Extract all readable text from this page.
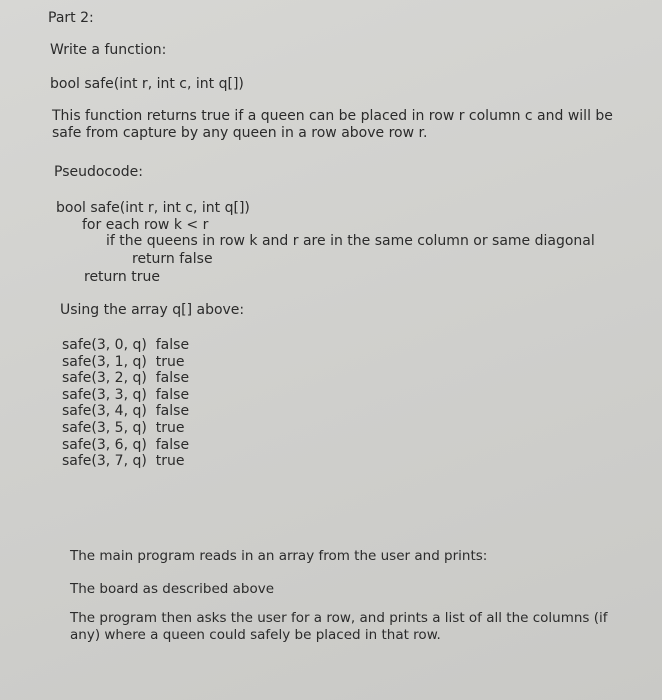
Part 2:
Write a function:
bool safe(int r, int c, int q[])
This function returns true if a queen can be placed in row r column c and will be safe from capture by any queen in a row above row r.
Pseudocode:
bool safe(int r, int c, int q[])
for each row k < r
if the queens in row k and r are in the same column or same diagonal
return false
return true
Using the array q[] above:
safe(3, 0, q) false
safe(3, 1, q) true
safe(3, 2, q) false
safe(3, 3, q) false
safe(3, 4, q) false
safe(3, 5, q) true
safe(3, 6, q) false
safe(3, 7, q) true
The main program reads in an array from the user and prints:
The board as described above
The program then asks the user for a row, and prints a list of all the columns (if any) where a queen could safely be placed in that row.
